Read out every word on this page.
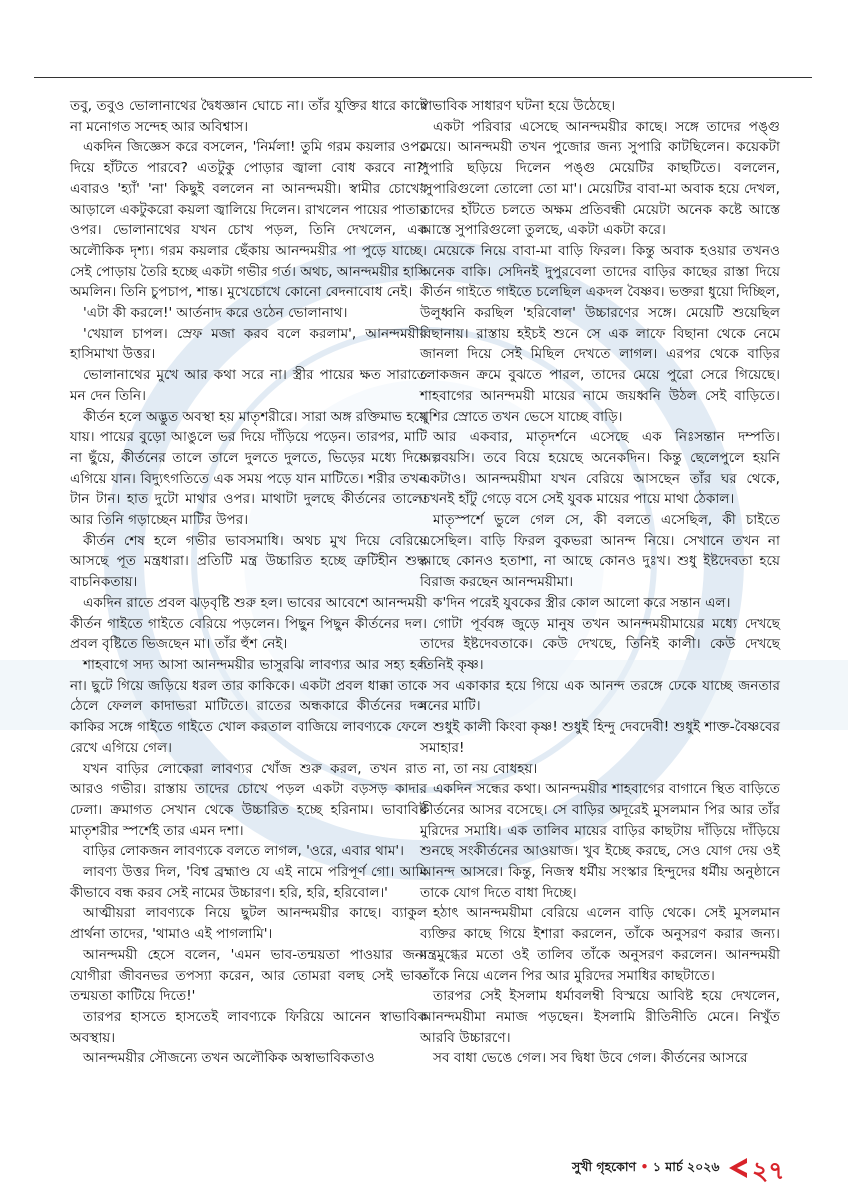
তবু, তবুও ভোলানাথের দ্বৈধজ্ঞান ঘোচে না। তাঁর যুক্তির ধারে কাটে না মনোগত সন্দেহ আর অবিশ্বাস।

একদিন জিজ্ঞেস করে বসলেন, 'নির্মলা! তুমি গরম কয়লার ওপর দিয়ে হাঁটতে পারবে? এতটুকু পোড়ার জ্বালা বোধ করবে না?' এবারও 'হ্যাঁ' 'না' কিছুই বললেন না আনন্দময়ী। স্বামীর চোখের আড়ালে একটুকরো কয়লা জ্বালিয়ে দিলেন। রাখলেন পায়ের পাতার ওপর। ভোলানাথের যখন চোখ পড়ল, তিনি দেখলেন, এক অলৌকিক দৃশ্য। গরম কয়লার ছেঁকায় আনন্দময়ীর পা পুড়ে যাচ্ছে। সেই পোড়ায় তৈরি হচ্ছে একটা গভীর গর্ত। অথচ, আনন্দময়ীর হাসি অমলিন। তিনি চুপচাপ, শান্ত। মুখেচোখে কোনো বেদনাবোধ নেই।

'এটা কী করলে!' আর্তনাদ করে ওঠেন ভোলানাথ।

'খেয়াল চাপল। স্রেফ মজা করব বলে করলাম', আনন্দময়ীর হাসিমাখা উত্তর।

ভোলানাথের মুখে আর কথা সরে না। স্ত্রীর পায়ের ক্ষত সারাতে মন দেন তিনি।

কীর্তন হলে অদ্ভুত অবস্থা হয় মাতৃশরীরে। সারা অঙ্গ রক্তিমাভ হয়ে যায়। পায়ের বুড়ো আঙুলে ভর দিয়ে দাঁড়িয়ে পড়েন। তারপর, মাটি না ছুঁয়ে, কীর্তনের তালে তালে দুলতে দুলতে, ভিড়ের মধ্যে দিয়ে এগিয়ে যান। বিদ্যুৎগতিতে এক সময় পড়ে যান মাটিতে। শরীর তখন টান টান। হাত দুটো মাথার ওপর। মাথাটা দুলছে কীর্তনের তালে। আর তিনি গড়াচ্ছেন মাটির উপর।

কীর্তন শেষ হলে গভীর ভাবসমাধি। অথচ মুখ দিয়ে বেরিয়ে আসছে পূত মন্ত্রধারা। প্রতিটি মন্ত্র উচ্চারিত হচ্ছে ত্রুটিহীন শুদ্ধ বাচনিকতায়।

একদিন রাতে প্রবল ঝড়বৃষ্টি শুরু হল। ভাবের আবেশে আনন্দময়ী কীর্তন গাইতে গাইতে বেরিয়ে পড়লেন। পিছুন পিছুন কীর্তনের দল। প্রবল বৃষ্টিতে ভিজছেন মা। তাঁর হুঁশ নেই।

শাহবাগে সদ্য আসা আনন্দময়ীর ভাসুরঝি লাবণ্যর আর সহ্য হল না। ছুটে গিয়ে জড়িয়ে ধরল তার কাকিকে। একটা প্রবল ধাক্কা তাকে ঠেলে ফেলল কাদাভরা মাটিতে। রাতের অন্ধকারে কীর্তনের দল কাকির সঙ্গে গাইতে গাইতে খোল করতাল বাজিয়ে লাবণ্যকে ফেলে রেখে এগিয়ে গেল।

যখন বাড়ির লোকেরা লাবণ্যর খোঁজ শুরু করল, তখন রাত আরও গভীর। রাস্তায় তাদের চোখে পড়ল একটা বড়সড় কাদার ঢেলা। ক্রমাগত সেখান থেকে উচ্চারিত হচ্ছে হরিনাম। ভাবাবিষ্ট মাতৃশরীর স্পর্শেই তার এমন দশা।

বাড়ির লোকজন লাবণ্যকে বলতে লাগল, 'ওরে, এবার থাম'।

লাবণ্য উত্তর দিল, 'বিশ্ব ব্রহ্মাণ্ড যে এই নামে পরিপূর্ণ গো। আমি কীভাবে বন্ধ করব সেই নামের উচ্চারণ। হরি, হরি, হরিবোল।'

আত্মীয়রা লাবণ্যকে নিয়ে ছুটল আনন্দময়ীর কাছে। ব্যাকুল প্রার্থনা তাদের, 'থামাও এই পাগলামি'।

আনন্দময়ী হেসে বলেন, 'এমন ভাব-তন্ময়তা পাওয়ার জন্য যোগীরা জীবনভর তপস্যা করেন, আর তোমরা বলছ সেই ভাব-তন্ময়তা কাটিয়ে দিতে!'

তারপর হাসতে হাসতেই লাবণ্যকে ফিরিয়ে আনেন স্বাভাবিক অবস্থায়।

আনন্দময়ীর সৌজন্যে তখন অলৌকিক অস্বাভাবিকতাও

স্বাভাবিক সাধারণ ঘটনা হয়ে উঠেছে।

একটা পরিবার এসেছে আনন্দময়ীর কাছে। সঙ্গে তাদের পঙ্গু মেয়ে। আনন্দময়ী তখন পুজোর জন্য সুপারি কাটছিলেন। কয়েকটা সুপারি ছড়িয়ে দিলেন পঙ্গু মেয়েটির কাছটিতে। বললেন, 'সুপারিগুলো তোলো তো মা'। মেয়েটির বাবা-মা অবাক হয়ে দেখল, তাদের হাঁটতে চলতে অক্ষম প্রতিবন্ধী মেয়েটা অনেক কষ্টে আস্তে আস্তে সুপারিগুলো তুলছে, একটা একটা করে।

মেয়েকে নিয়ে বাবা-মা বাড়ি ফিরল। কিন্তু অবাক হওয়ার তখনও অনেক বাকি। সেদিনই দুপুরবেলা তাদের বাড়ির কাছের রাস্তা দিয়ে কীর্তন গাইতে গাইতে চলেছিল একদল বৈষ্ণব। ভক্তরা ধুয়ো দিচ্ছিল, উলুধ্বনি করছিল 'হরিবোল' উচ্চারণের সঙ্গে। মেয়েটি শুয়েছিল বিছানায়। রাস্তায় হইচই শুনে সে এক লাফে বিছানা থেকে নেমে জানলা দিয়ে সেই মিছিল দেখতে লাগল। এরপর থেকে বাড়ির লোকজন ক্রমে বুঝতে পারল, তাদের মেয়ে পুরো সেরে গিয়েছে। শাহবাগের আনন্দময়ী মায়ের নামে জয়ধ্বনি উঠল সেই বাড়িতে। খুশির স্রোতে তখন ভেসে যাচ্ছে বাড়ি।

আর একবার, মাতৃদর্শনে এসেছে এক নিঃসন্তান দম্পতি। অল্পবয়সি। তবে বিয়ে হয়েছে অনেকদিন। কিন্তু ছেলেপুলে হয়নি একটাও। আনন্দময়ীমা যখন বেরিয়ে আসছেন তাঁর ঘর থেকে, তখনই হাঁটু গেড়ে বসে সেই যুবক মায়ের পায়ে মাথা ঠেকাল।

মাতৃস্পর্শে ভুলে গেল সে, কী বলতে এসেছিল, কী চাইতে এসেছিল। বাড়ি ফিরল বুকভরা আনন্দ নিয়ে। সেখানে তখন না আছে কোনও হতাশা, না আছে কোনও দুঃখ। শুধু ইষ্টদেবতা হয়ে বিরাজ করছেন আনন্দময়ীমা।

ক'দিন পরেই যুবকের স্ত্রীর কোল আলো করে সন্তান এল।

গোটা পূর্ববঙ্গ জুড়ে মানুষ তখন আনন্দময়ীমায়ের মধ্যে দেখছে তাদের ইষ্টদেবতাকে। কেউ দেখছে, তিনিই কালী। কেউ দেখছে তিনিই কৃষ্ণ।

সব একাকার হয়ে গিয়ে এক আনন্দ তরঙ্গে ঢেকে যাচ্ছে জনতার মনের মাটি।

শুধুই কালী কিংবা কৃষ্ণ! শুধুই হিন্দু দেবদেবী! শুধুই শাক্ত-বৈষ্ণবের সমাহার!

না, তা নয় বোধহয়।

একদিন সন্ধের কথা। আনন্দময়ীর শাহবাগের বাগানে স্থিত বাড়িতে কীর্তনের আসর বসেছে। সে বাড়ির অদূরেই মুসলমান পির আর তাঁর মুরিদের সমাধি। এক তালিব মায়ের বাড়ির কাছটায় দাঁড়িয়ে দাঁড়িয়ে শুনছে সংকীর্তনের আওয়াজ। খুব ইচ্ছে করছে, সেও যোগ দেয় ওই আনন্দ আসরে। কিন্তু, নিজস্ব ধর্মীয় সংস্কার হিন্দুদের ধর্মীয় অনুষ্ঠানে তাকে যোগ দিতে বাধা দিচ্ছে।

হঠাৎ আনন্দময়ীমা বেরিয়ে এলেন বাড়ি থেকে। সেই মুসলমান ব্যক্তির কাছে গিয়ে ইশারা করলেন, তাঁকে অনুসরণ করার জন্য। মন্ত্রমুগ্ধের মতো ওই তালিব তাঁকে অনুসরণ করলেন। আনন্দময়ী তাঁকে নিয়ে এলেন পির আর মুরিদের সমাধির কাছটাতে।

তারপর সেই ইসলাম ধর্মাবলম্বী বিস্ময়ে আবিষ্ট হয়ে দেখলেন, আনন্দময়ীমা নমাজ পড়ছেন। ইসলামি রীতিনীতি মেনে। নিখুঁত আরবি উচ্চারণে।

সব বাধা ভেঙে গেল। সব দ্বিধা উবে গেল। কীর্তনের আসরে

সুখী গৃহকোণ • ১ মার্চ ২০২৬ ২৭
